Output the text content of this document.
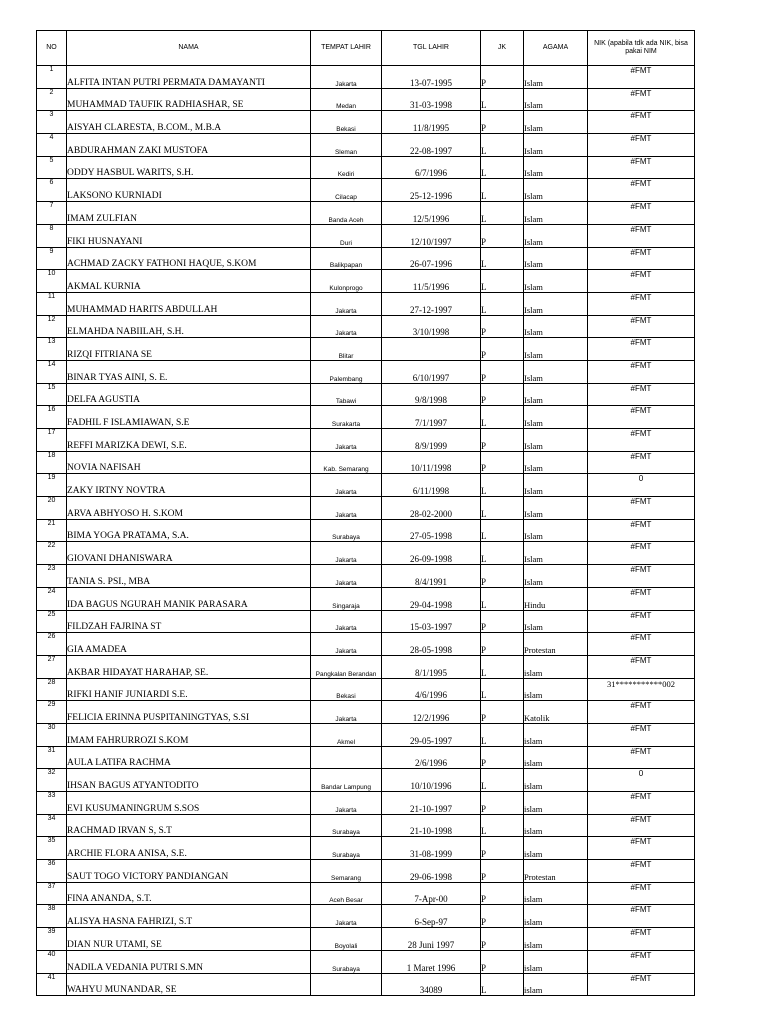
NO	NAMA	TEMPAT LAHIR	TGL LAHIR	JK	AGAMA	NIK (apabila tdk ada NIK, bisa pakai NIM
1	ALFITA INTAN PUTRI PERMATA DAMAYANTI	Jakarta	13-07-1995	P	Islam	#FMT
2	MUHAMMAD TAUFIK RADHIASHAR, SE	Medan	31-03-1998	L	Islam	#FMT
3	AISYAH CLARESTA, B.COM., M.B.A	Bekasi	11/8/1995	P	Islam	#FMT
4	ABDURAHMAN ZAKI MUSTOFA	Sleman	22-08-1997	L	Islam	#FMT
5	ODDY HASBUL WARITS, S.H.	Kediri	6/7/1996	L	Islam	#FMT
6	LAKSONO KURNIADI	Cilacap	25-12-1996	L	Islam	#FMT
7	IMAM ZULFIAN	Banda Aceh	12/5/1996	L	Islam	#FMT
8	FIKI HUSNAYANI	Duri	12/10/1997	P	Islam	#FMT
9	ACHMAD ZACKY FATHONI HAQUE, S.KOM	Balikpapan	26-07-1996	L	Islam	#FMT
10	AKMAL KURNIA	Kulonprogo	11/5/1996	L	Islam	#FMT
11	MUHAMMAD HARITS ABDULLAH	Jakarta	27-12-1997	L	Islam	#FMT
12	ELMAHDA NABIILAH, S.H.	Jakarta	3/10/1998	P	Islam	#FMT
13	RIZQI FITRIANA SE	Blitar		P	Islam	#FMT
14	BINAR TYAS AINI, S. E.	Palembang	6/10/1997	P	Islam	#FMT
15	DELFA AGUSTIA	Tabawi	9/8/1998	P	Islam	#FMT
16	FADHIL F ISLAMIAWAN, S.E	Surakarta	7/1/1997	L	Islam	#FMT
17	REFFI MARIZKA DEWI, S.E.	Jakarta	8/9/1999	P	Islam	#FMT
18	NOVIA NAFISAH	Kab. Semarang	10/11/1998	P	Islam	#FMT
19	ZAKY IRTNY NOVTRA	Jakarta	6/11/1998	L	Islam	0
20	ARVA ABHYOSO H. S.KOM	Jakarta	28-02-2000	L	Islam	#FMT
21	BIMA YOGA PRATAMA, S.A.	Surabaya	27-05-1998	L	Islam	#FMT
22	GIOVANI DHANISWARA	Jakarta	26-09-1998	L	Islam	#FMT
23	TANIA S. PSI., MBA	Jakarta	8/4/1991	P	Islam	#FMT
24	IDA BAGUS NGURAH MANIK PARASARA	Singaraja	29-04-1998	L	Hindu	#FMT
25	FILDZAH FAJRINA ST	Jakarta	15-03-1997	P	Islam	#FMT
26	GIA AMADEA	Jakarta	28-05-1998	P	Protestan	#FMT
27	AKBAR HIDAYAT HARAHAP, SE.	Pangkalan Berandan	8/1/1995	L	islam	#FMT
28	RIFKI HANIF JUNIARDI S.E.	Bekasi	4/6/1996	L	islam	31***********002
29	FELICIA ERINNA PUSPITANINGTYAS, S.SI	Jakarta	12/2/1996	P	Katolik	#FMT
30	IMAM FAHRURROZI S.KOM	Akmel	29-05-1997	L	islam	#FMT
31	AULA LATIFA RACHMA		2/6/1996	P	islam	#FMT
32	IHSAN BAGUS ATYANTODITO	Bandar Lampung	10/10/1996	L	islam	0
33	EVI KUSUMANINGRUM S.SOS	Jakarta	21-10-1997	P	islam	#FMT
34	RACHMAD IRVAN S, S.T	Surabaya	21-10-1998	L	islam	#FMT
35	ARCHIE FLORA ANISA, S.E.	Surabaya	31-08-1999	P	islam	#FMT
36	SAUT TOGO VICTORY PANDIANGAN	Semarang	29-06-1998	P	Protestan	#FMT
37	FINA ANANDA, S.T.	Aceh Besar	7-Apr-00	P	islam	#FMT
38	ALISYA HASNA FAHRIZI, S.T	Jakarta	6-Sep-97	P	islam	#FMT
39	DIAN NUR UTAMI, SE	Boyolali	28 Juni 1997	P	islam	#FMT
40	NADILA VEDANIA PUTRI S.MN	Surabaya	1 Maret 1996	P	islam	#FMT
41	WAHYU MUNANDAR, SE		34089	L	islam	#FMT
